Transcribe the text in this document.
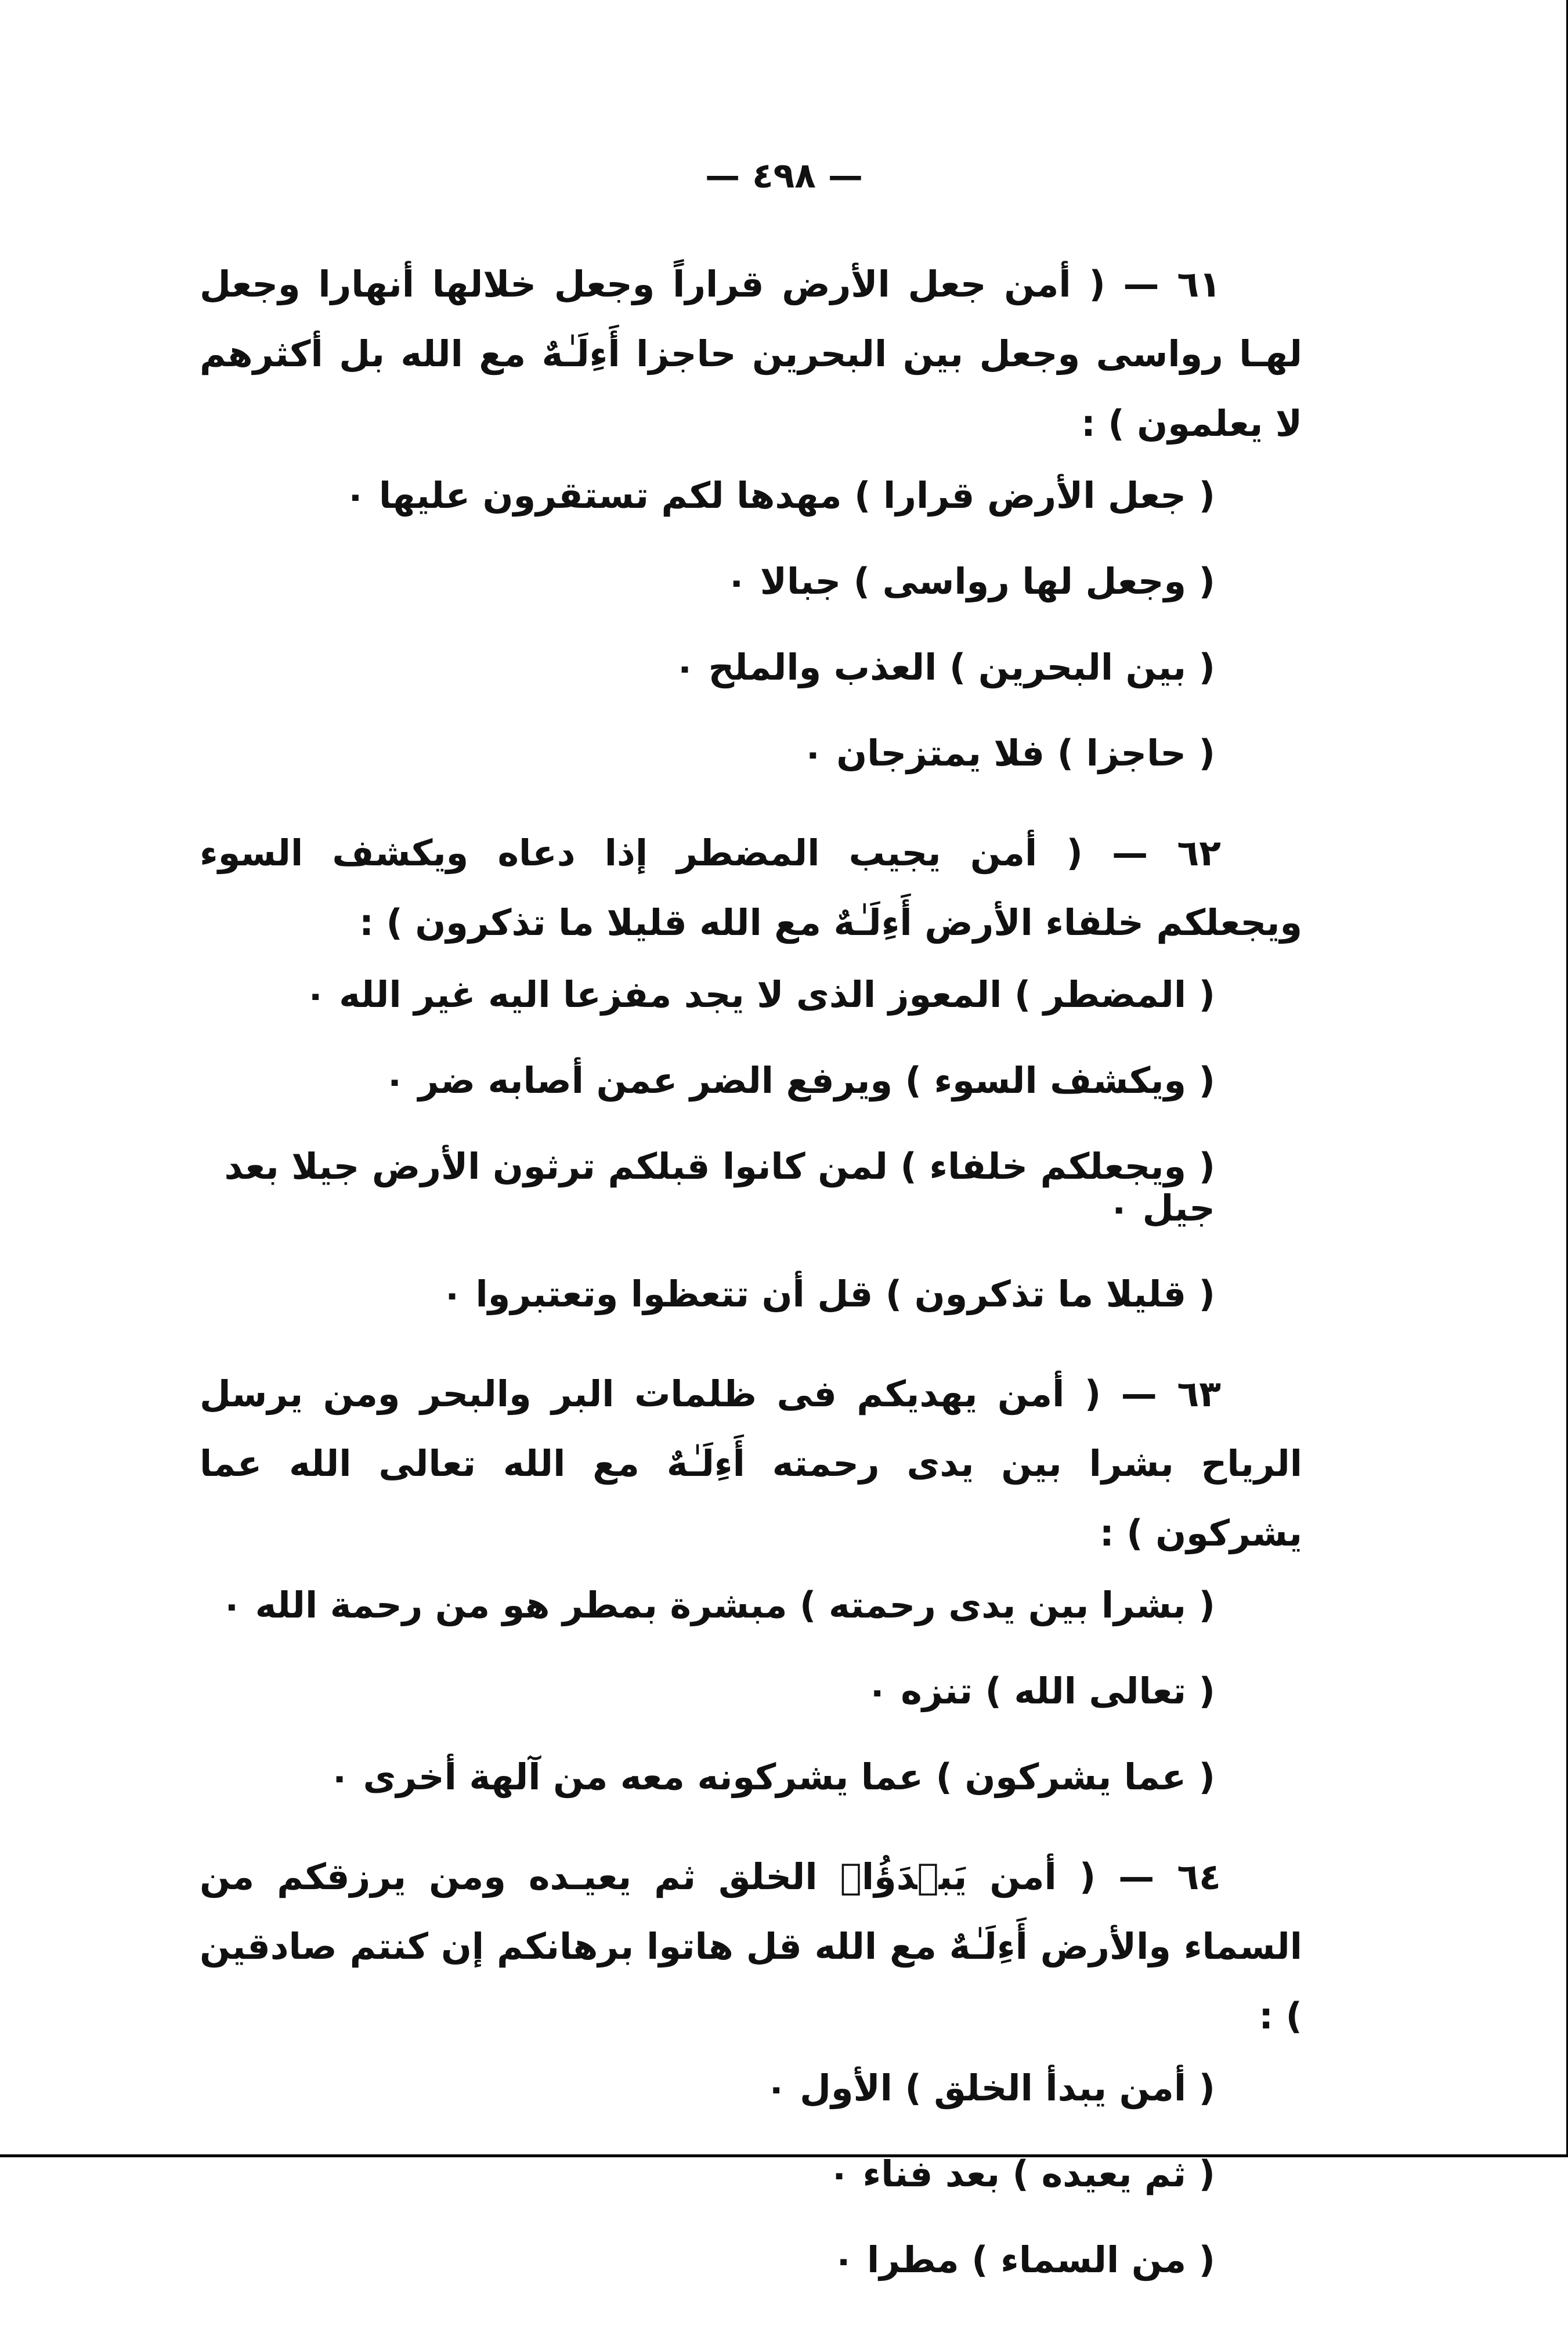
— ٤٩٨ —

٦١ — ( أمن جعل الأرض قراراً وجعل خلالها أنهارا وجعل لهـا رواسى وجعل بين البحرين حاجزا أَءِلَـٰهٌ مع الله بل أكثرهم لا يعلمون ) :

( جعل الأرض قرارا ) مهدها لكم تستقرون عليها ٠

( وجعل لها رواسى ) جبالا ٠

( بين البحرين ) العذب والملح ٠

( حاجزا ) فلا يمتزجان ٠

٦٢ — ( أمن يجيب المضطر إذا دعاه ويكشف السوء ويجعلكم خلفاء الأرض أَءِلَـٰهٌ مع الله قليلا ما تذكرون ) :

( المضطر ) المعوز الذى لا يجد مفزعا اليه غير الله ٠

( ويكشف السوء ) ويرفع الضر عمن أصابه ضر ٠

( ويجعلكم خلفاء ) لمن كانوا قبلكم ترثون الأرض جيلا بعد جيل ٠

( قليلا ما تذكرون ) قل أن تتعظوا وتعتبروا ٠

٦٣ — ( أمن يهديكم فى ظلمات البر والبحر ومن يرسل الرياح بشرا بين يدى رحمته أَءِلَـٰهٌ مع الله تعالى الله عما يشركون ) :

( بشرا بين يدى رحمته ) مبشرة بمطر هو من رحمة الله ٠

( تعالى الله ) تنزه ٠

( عما يشركون ) عما يشركونه معه من آلهة أخرى ٠

٦٤ — ( أمن يَبۡدَؤُا۟ الخلق ثم يعيـده ومن يرزقكم من السماء والأرض أَءِلَـٰهٌ مع الله قل هاتوا برهانكم إن كنتم صادقين ) :

( أمن يبدأ الخلق ) الأول ٠

( ثم يعيده ) بعد فناء ٠

( من السماء ) مطرا ٠
